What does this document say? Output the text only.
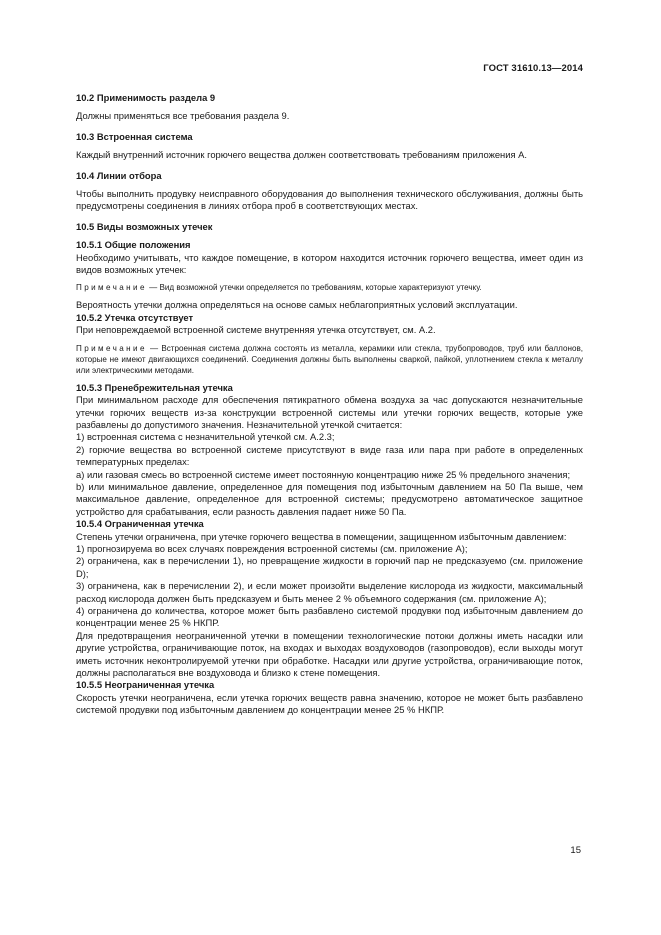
ГОСТ 31610.13—2014

10.2 Применимость раздела 9

Должны применяться все требования раздела 9.

10.3 Встроенная система

Каждый внутренний источник горючего вещества должен соответствовать требованиям приложения А.

10.4 Линии отбора

Чтобы выполнить продувку неисправного оборудования до выполнения технического обслуживания, должны быть предусмотрены соединения в линиях отбора проб в соответствующих местах.

10.5 Виды возможных утечек

10.5.1 Общие положения

Необходимо учитывать, что каждое помещение, в котором находится источник горючего вещества, имеет один из видов возможных утечек:

Примечание — Вид возможной утечки определяется по требованиям, которые характеризуют утечку.

Вероятность утечки должна определяться на основе самых неблагоприятных условий эксплуатации.

10.5.2 Утечка отсутствует

При неповреждаемой встроенной системе внутренняя утечка отсутствует, см. А.2.

Примечание — Встроенная система должна состоять из металла, керамики или стекла, трубопроводов, труб или баллонов, которые не имеют двигающихся соединений. Соединения должны быть выполнены сваркой, пайкой, уплотнением стекла к металлу или электрическими методами.

10.5.3 Пренебрежительная утечка

При минимальном расходе для обеспечения пятикратного обмена воздуха за час допускаются незначительные утечки горючих веществ из-за конструкции встроенной системы или утечки горючих веществ, которые уже разбавлены до допустимого значения. Незначительной утечкой считается:

1) встроенная система с незначительной утечкой см. А.2.3;

2) горючие вещества во встроенной системе присутствуют в виде газа или пара при работе в определенных температурных пределах:

а) или газовая смесь во встроенной системе имеет постоянную концентрацию ниже 25 % предельного значения;

b) или минимальное давление, определенное для помещения под избыточным давлением на 50 Па выше, чем максимальное давление, определенное для встроенной системы; предусмотрено автоматическое защитное устройство для срабатывания, если разность давления падает ниже 50 Па.

10.5.4 Ограниченная утечка

Степень утечки ограничена, при утечке горючего вещества в помещении, защищенном избыточным давлением:

1) прогнозируема во всех случаях повреждения встроенной системы (см. приложение А);

2) ограничена, как в перечислении 1), но превращение жидкости в горючий пар не предсказуемо (см. приложение D);

3) ограничена, как в перечислении 2), и если может произойти выделение кислорода из жидкости, максимальный расход кислорода должен быть предсказуем и быть менее 2 % объемного содержания (см. приложение А);

4) ограничена до количества, которое может быть разбавлено системой продувки под избыточным давлением до концентрации менее 25 % НКПР.

Для предотвращения неограниченной утечки в помещении технологические потоки должны иметь насадки или другие устройства, ограничивающие поток, на входах и выходах воздуховодов (газопроводов), если выходы могут иметь источник неконтролируемой утечки при обработке. Насадки или другие устройства, ограничивающие поток, должны располагаться вне воздуховода и близко к стене помещения.

10.5.5 Неограниченная утечка

Скорость утечки неограничена, если утечка горючих веществ равна значению, которое не может быть разбавлено системой продувки под избыточным давлением до концентрации менее 25 % НКПР.

15
